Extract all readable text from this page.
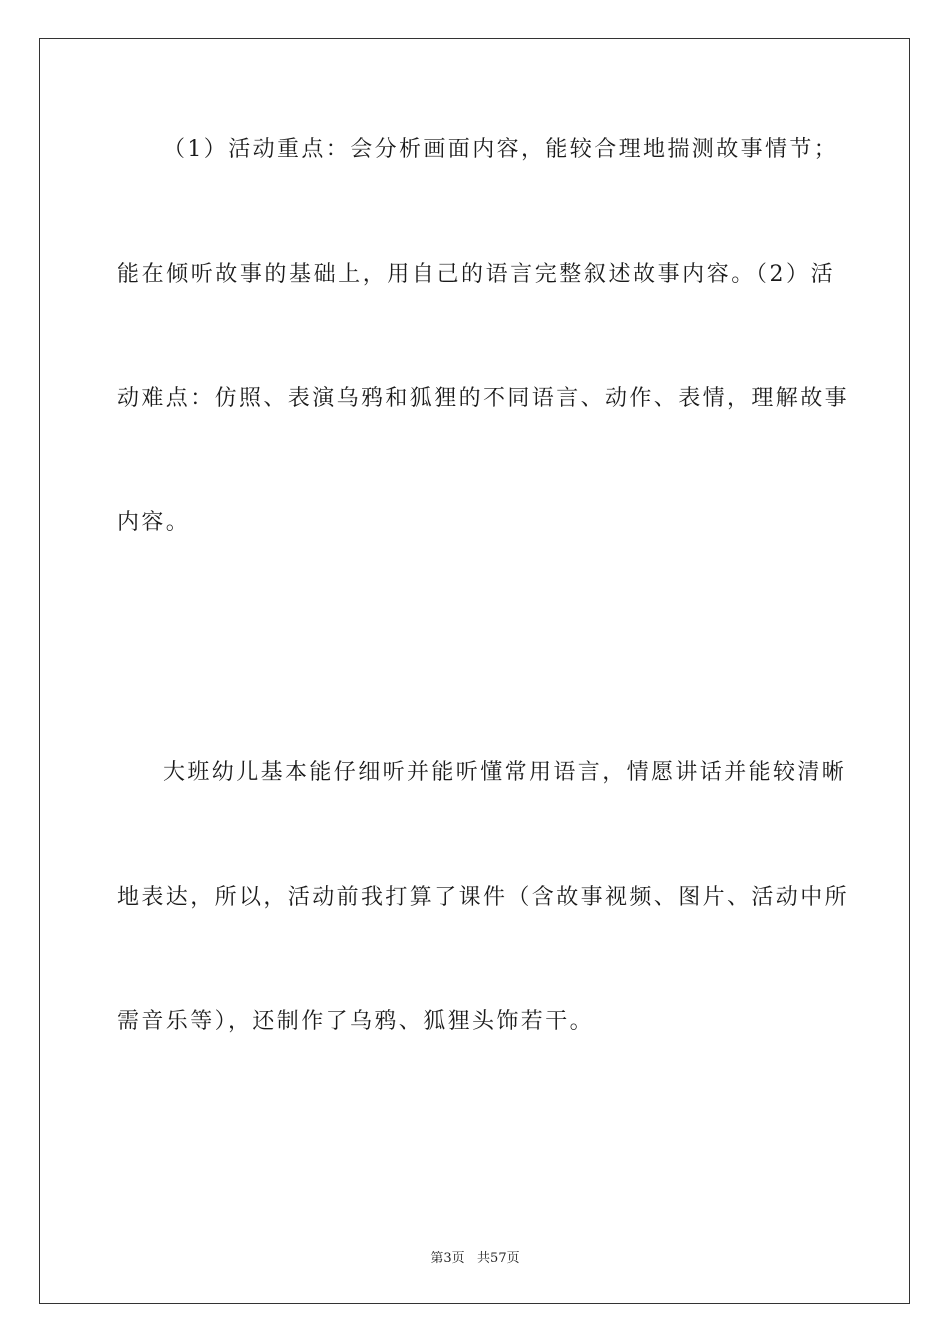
（1）活动重点：会分析画面内容，能较合理地揣测故事情节；
能在倾听故事的基础上，用自己的语言完整叙述故事内容。（2）活
动难点：仿照、表演乌鸦和狐狸的不同语言、动作、表情，理解故事
内容。
大班幼儿基本能仔细听并能听懂常用语言，情愿讲话并能较清晰
地表达，所以，活动前我打算了课件（含故事视频、图片、活动中所
需音乐等），还制作了乌鸦、狐狸头饰若干。
第3页   共57页
